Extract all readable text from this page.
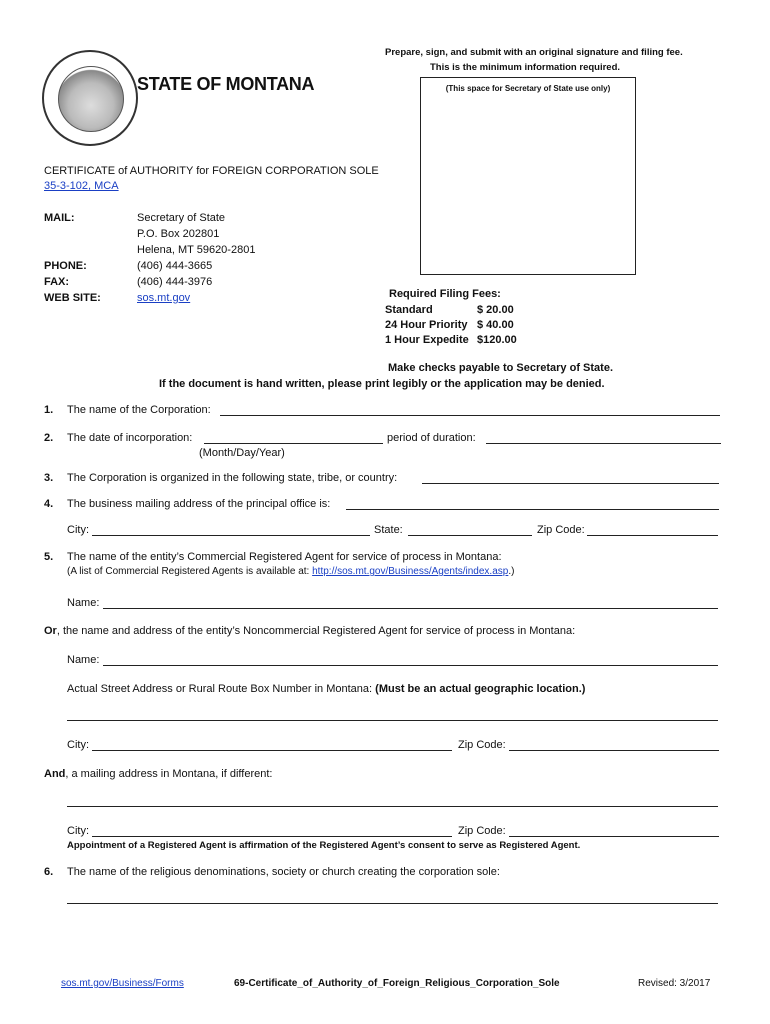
Prepare, sign, and submit with an original signature and filing fee.
This is the minimum information required.
STATE OF MONTANA	(This space for Secretary of State use only)
CERTIFICATE of AUTHORITY for FOREIGN CORPORATION SOLE
35-3-102, MCA
MAIL:	Secretary of State
P.O. Box 202801
Helena, MT 59620-2801
PHONE:	(406) 444-3665
FAX:	(406) 444-3976
WEB SITE:	sos.mt.gov	Required Filing Fees:
Standard	$ 20.00
24 Hour Priority $ 40.00
1 Hour Expedite $120.00
Make checks payable to Secretary of State.
If the document is hand written, please print legibly or the application may be denied.
1. The name of the Corporation:
2. The date of incorporation:	period of duration:
(Month/Day/Year)
3. The Corporation is organized in the following state, tribe, or country:
4. The business mailing address of the principal office is:
City:	State:	Zip Code:
5. The name of the entity’s Commercial Registered Agent for service of process in Montana:
(A list of Commercial Registered Agents is available at: http://sos.mt.gov/Business/Agents/index.asp.)
Name:
Or, the name and address of the entity’s Noncommercial Registered Agent for service of process in Montana:
Name:
Actual Street Address or Rural Route Box Number in Montana: (Must be an actual geographic location.)
City:	Zip Code:
And, a mailing address in Montana, if different:
City:	Zip Code:
Appointment of a Registered Agent is affirmation of the Registered Agent’s consent to serve as Registered Agent.
6. The name of the religious denominations, society or church creating the corporation sole:
sos.mt.gov/Business/Forms	69-Certificate_of_Authority_of_Foreign_Religious_Corporation_Sole	Revised: 3/2017
